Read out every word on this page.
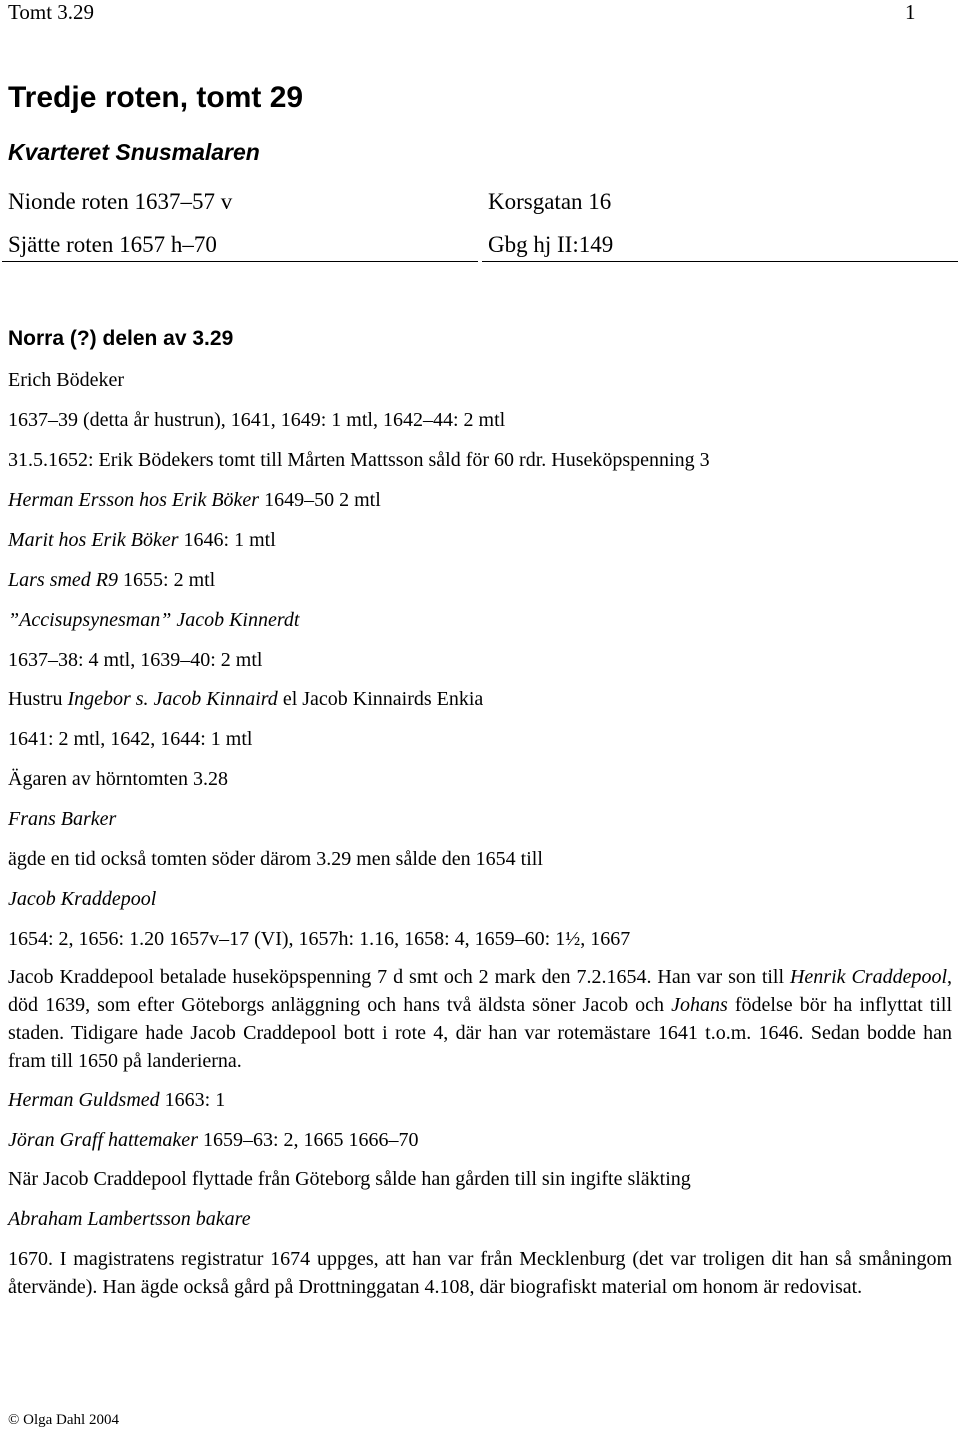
Tomt 3.29	1
Tredje roten, tomt 29
Kvarteret Snusmalaren
Nionde roten 1637–57 v	Korsgatan 16
Sjätte roten 1657 h–70	Gbg hj II:149
Norra (?) delen av 3.29
Erich Bödeker
1637–39 (detta år hustrun), 1641, 1649: 1 mtl, 1642–44: 2 mtl
31.5.1652: Erik Bödekers tomt till Mårten Mattsson såld för 60 rdr. Huseköpspenning 3
Herman Ersson hos Erik Böker 1649–50 2 mtl
Marit hos Erik Böker 1646: 1 mtl
Lars smed R9 1655: 2 mtl
”Accisupsynesman” Jacob Kinnerdt
1637–38: 4 mtl, 1639–40: 2 mtl
Hustru Ingebor s. Jacob Kinnaird el Jacob Kinnairds Enkia
1641: 2 mtl, 1642, 1644: 1 mtl
Ägaren av hörntomten 3.28
Frans Barker
ägde en tid också tomten söder därom 3.29 men sålde den 1654 till
Jacob Kraddepool
1654: 2, 1656: 1.20 1657v–17 (VI), 1657h: 1.16, 1658: 4, 1659–60: 1½, 1667
Jacob Kraddepool betalade huseköpspenning 7 d smt och 2 mark den 7.2.1654. Han var son till Henrik Craddepool, död 1639, som efter Göteborgs anläggning och hans två äldsta söner Jacob och Johans födelse bör ha inflyttat till staden. Tidigare hade Jacob Craddepool bott i rote 4, där han var rotemästare 1641 t.o.m. 1646. Sedan bodde han fram till 1650 på landerierna.
Herman Guldsmed 1663: 1
Jöran Graff hattemaker 1659–63: 2, 1665 1666–70
När Jacob Craddepool flyttade från Göteborg sålde han gården till sin ingifte släkting
Abraham Lambertsson bakare
1670. I magistratens registratur 1674 uppges, att han var från Mecklenburg (det var troligen dit han så småningom återvände). Han ägde också gård på Drottninggatan 4.108, där biografiskt material om honom är redovisat.
© Olga Dahl 2004
